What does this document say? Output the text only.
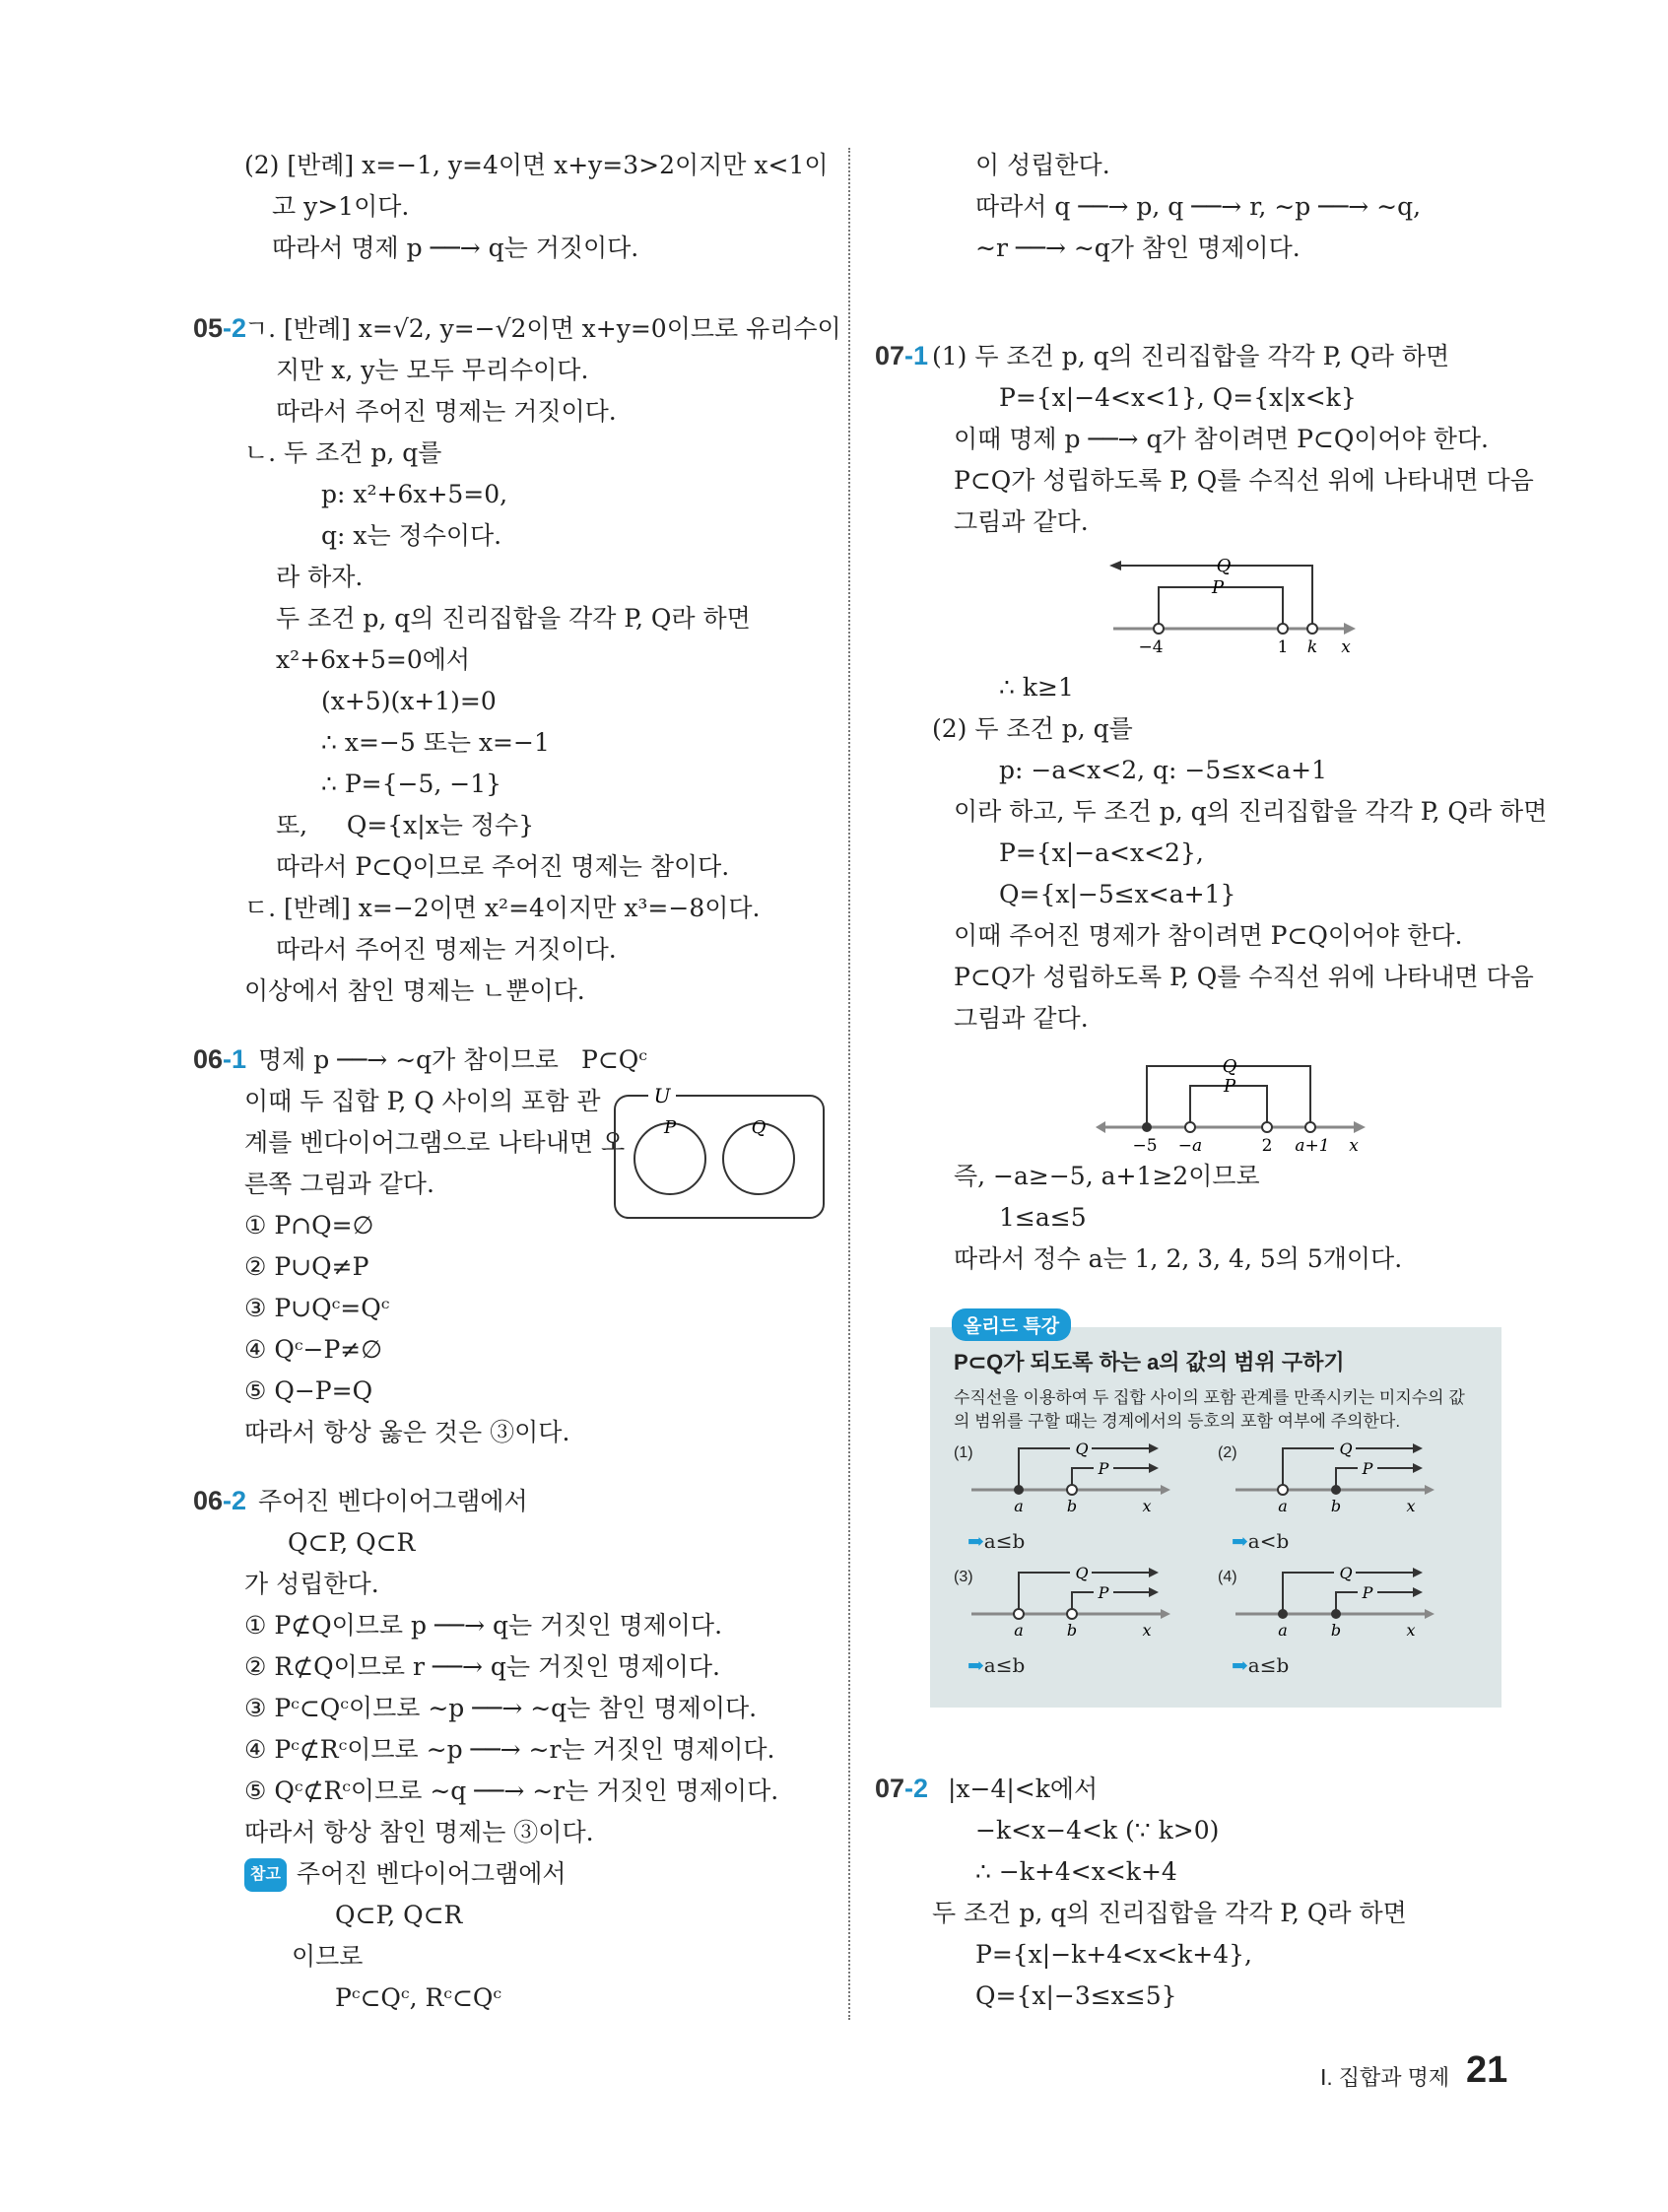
(2) [반례] x=−1, y=4이면 x+y=3>2이지만 x<1이
고 y>1이다.
따라서 명제 p ──→ q는 거짓이다.
05-2
ㄱ. [반례] x=√2, y=−√2이면 x+y=0이므로 유리수이
지만 x, y는 모두 무리수이다.
따라서 주어진 명제는 거짓이다.
ㄴ. 두 조건 p, q를
p: x²+6x+5=0,
q: x는 정수이다.
라 하자.
두 조건 p, q의 진리집합을 각각 P, Q라 하면
x²+6x+5=0에서
(x+5)(x+1)=0
∴ x=−5 또는 x=−1
∴ P={−5, −1}
또,     Q={x|x는 정수}
따라서 P⊂Q이므로 주어진 명제는 참이다.
ㄷ. [반례] x=−2이면 x²=4이지만 x³=−8이다.
따라서 주어진 명제는 거짓이다.
이상에서 참인 명제는 ㄴ뿐이다.
06-1 명제 p ──→ ∼q가 참이므로 P⊂Qᶜ
이때 두 집합 P, Q 사이의 포함 관
계를 벤다이어그램으로 나타내면 오
른쪽 그림과 같다.
U
P	Q
① P∩Q=∅
② P∪Q≠P
③ P∪Qᶜ=Qᶜ
④ Qᶜ−P≠∅
⑤ Q−P=Q
따라서 항상 옳은 것은 ③이다.
06-2 주어진 벤다이어그램에서
Q⊂P, Q⊂R
가 성립한다.
① P⊄Q이므로 p ──→ q는 거짓인 명제이다.
② R⊄Q이므로 r ──→ q는 거짓인 명제이다.
③ Pᶜ⊂Qᶜ이므로 ∼p ──→ ∼q는 참인 명제이다.
④ Pᶜ⊄Rᶜ이므로 ∼p ──→ ∼r는 거짓인 명제이다.
⑤ Qᶜ⊄Rᶜ이므로 ∼q ──→ ∼r는 거짓인 명제이다.
따라서 항상 참인 명제는 ③이다.
참고 주어진 벤다이어그램에서
Q⊂P, Q⊂R
이므로
Pᶜ⊂Qᶜ, Rᶜ⊂Qᶜ
이 성립한다.
따라서 q ──→ p, q ──→ r, ∼p ──→ ∼q,
∼r ──→ ∼q가 참인 명제이다.
07-1 (1) 두 조건 p, q의 진리집합을 각각 P, Q라 하면
P={x|−4<x<1}, Q={x|x<k}
이때 명제 p ──→ q가 참이려면 P⊂Q이어야 한다.
P⊂Q가 성립하도록 P, Q를 수직선 위에 나타내면 다음
그림과 같다.
Q
P
−4	1 k x
∴ k≥1
(2) 두 조건 p, q를
p: −a<x<2, q: −5≤x<a+1
이라 하고, 두 조건 p, q의 진리집합을 각각 P, Q라 하면
P={x|−a<x<2},
Q={x|−5≤x<a+1}
이때 주어진 명제가 참이려면 P⊂Q이어야 한다.
P⊂Q가 성립하도록 P, Q를 수직선 위에 나타내면 다음
그림과 같다.
Q
P
−5 −a	2 a+1 x
즉, −a≥−5, a+1≥2이므로
1≤a≤5
따라서 정수 a는 1, 2, 3, 4, 5의 5개이다.
올리드 특강
P⊂Q가 되도록 하는 a의 값의 범위 구하기
수직선을 이용하여 두 집합 사이의 포함 관계를 만족시키는 미지수의 값
의 범위를 구할 때는 경계에서의 등호의 포함 여부에 주의한다.
(1)	(2)
(3)	(4)
Q
P
a	b	x
Q
P
a	b	x
Q
P
a	b	x
Q
P
a	b	x
➡a≤b	➡a<b
➡a≤b	➡a≤b
07-2 |x−4|<k에서
−k<x−4<k (∵ k>0)
∴ −k+4<x<k+4
두 조건 p, q의 진리집합을 각각 P, Q라 하면
P={x|−k+4<x<k+4},
Q={x|−3≤x≤5}
Ⅰ. 집합과 명제 21
